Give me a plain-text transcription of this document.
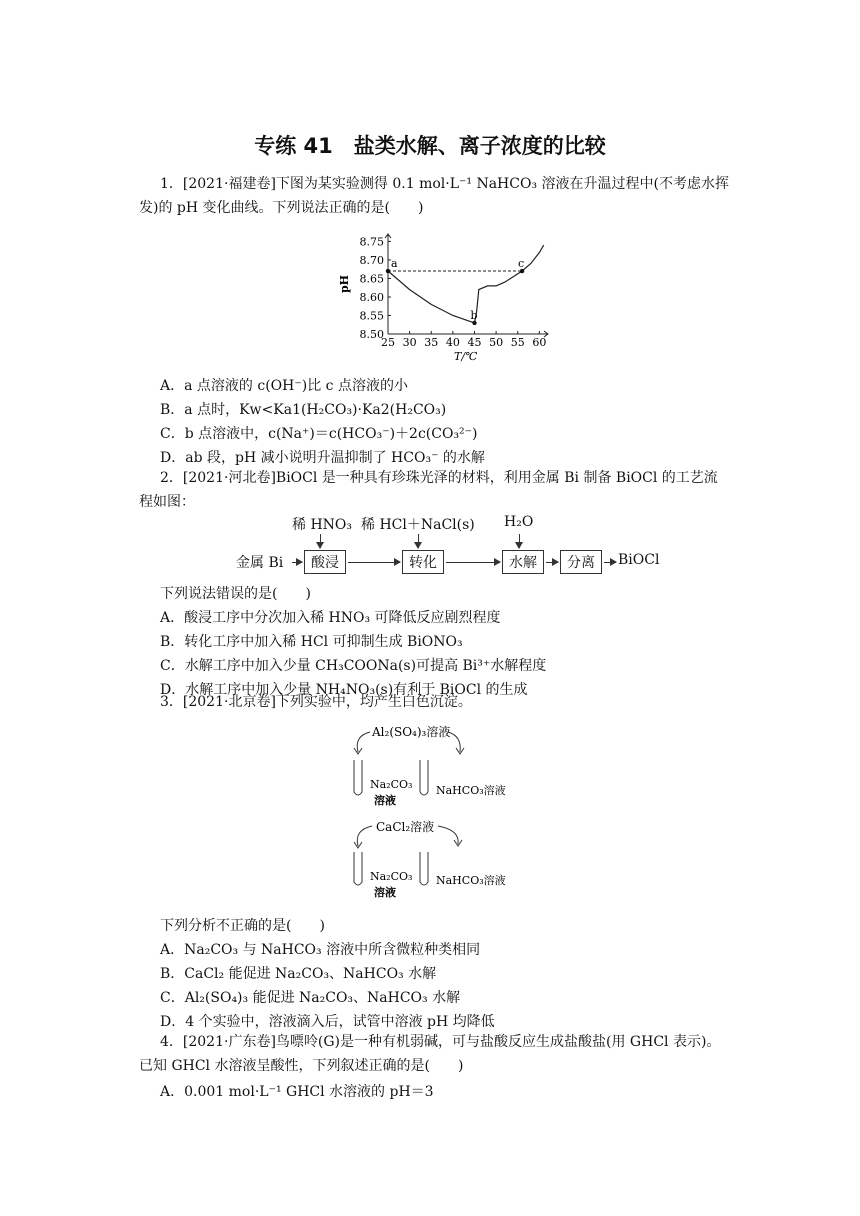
专练 41　盐类水解、离子浓度的比较
1．[2021·福建卷]下图为某实验测得 0.1 mol·L⁻¹ NaHCO₃ 溶液在升温过程中(不考虑水挥
发)的 pH 变化曲线。下列说法正确的是(　　)
25 30 35 40 45 50 55 60
8.50
8.55
8.60
8.65
8.70
8.75
T/℃
pH
a
b
c
A．a 点溶液的 c(OH⁻)比 c 点溶液的小
B．a 点时，Kw<Ka1(H₂CO₃)·Ka2(H₂CO₃)
C．b 点溶液中，c(Na⁺)＝c(HCO₃⁻)＋2c(CO₃²⁻)
D．ab 段，pH 减小说明升温抑制了 HCO₃⁻ 的水解
2．[2021·河北卷]BiOCl 是一种具有珍珠光泽的材料，利用金属 Bi 制备 BiOCl 的工艺流
程如图：
稀 HNO₃ 稀 HCl＋NaCl(s) H₂O
金属 Bi	酸浸	转化	水解	分离	BiOCl
下列说法错误的是(　　)
A．酸浸工序中分次加入稀 HNO₃ 可降低反应剧烈程度
B．转化工序中加入稀 HCl 可抑制生成 BiONO₃
C．水解工序中加入少量 CH₃COONa(s)可提高 Bi³⁺水解程度
D．水解工序中加入少量 NH₄NO₃(s)有利于 BiOCl 的生成
3．[2021·北京卷]下列实验中，均产生白色沉淀。
Al₂(SO₄)₃溶液
Na₂CO₃
溶液
NaHCO₃溶液
CaCl₂溶液
Na₂CO₃
溶液
NaHCO₃溶液
下列分析不正确的是(　　)
A．Na₂CO₃ 与 NaHCO₃ 溶液中所含微粒种类相同
B．CaCl₂ 能促进 Na₂CO₃、NaHCO₃ 水解
C．Al₂(SO₄)₃ 能促进 Na₂CO₃、NaHCO₃ 水解
D．4 个实验中，溶液滴入后，试管中溶液 pH 均降低
4．[2021·广东卷]鸟嘌呤(G)是一种有机弱碱，可与盐酸反应生成盐酸盐(用 GHCl 表示)。
已知 GHCl 水溶液呈酸性，下列叙述正确的是(　　)
A．0.001 mol·L⁻¹ GHCl 水溶液的 pH＝3
